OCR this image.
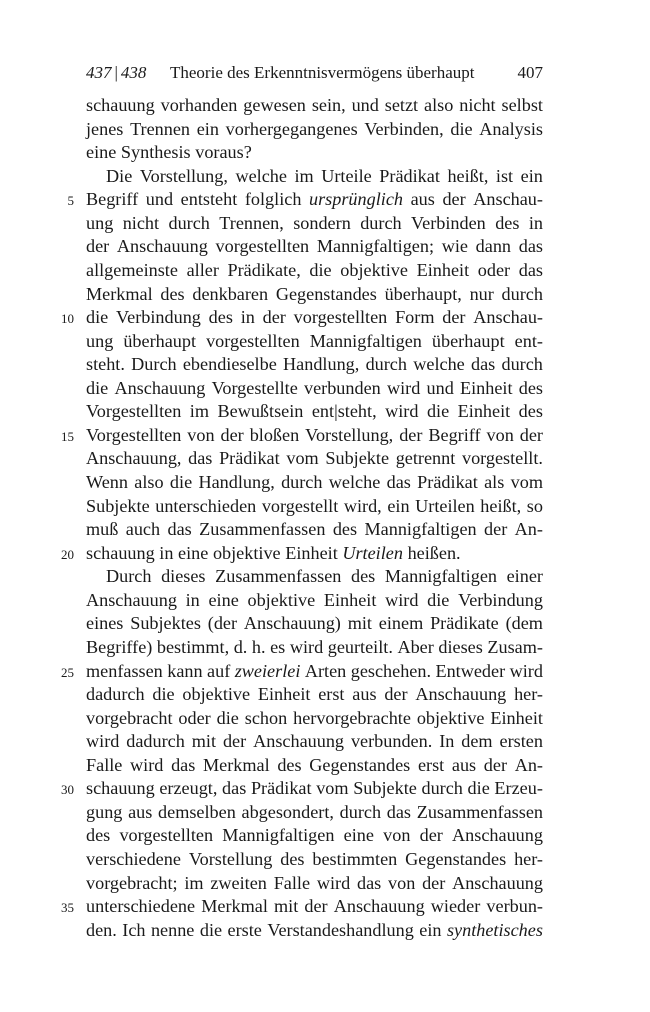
437 | 438 Theorie des Erkenntnisvermögens überhaupt	407
schauung vorhanden gewesen sein, und setzt also nicht selbst
jenes Trennen ein vorhergegangenes Verbinden, die Analysis
eine Synthesis voraus?
Die Vorstellung, welche im Urteile Prädikat heißt, ist ein
5 Begriff und entsteht folglich ursprünglich aus der Anschau-
ung nicht durch Trennen, sondern durch Verbinden des in
der Anschauung vorgestellten Mannigfaltigen; wie dann das
allgemeinste aller Prädikate, die objektive Einheit oder das
Merkmal des denkbaren Gegenstandes überhaupt, nur durch
10 die Verbindung des in der vorgestellten Form der Anschau-
ung überhaupt vorgestellten Mannigfaltigen überhaupt ent-
steht. Durch ebendieselbe Handlung, durch welche das durch
die Anschauung Vorgestellte verbunden wird und Einheit des
Vorgestellten im Bewußtsein ent|steht, wird die Einheit des
15 Vorgestellten von der bloßen Vorstellung, der Begriff von der
Anschauung, das Prädikat vom Subjekte getrennt vorgestellt.
Wenn also die Handlung, durch welche das Prädikat als vom
Subjekte unterschieden vorgestellt wird, ein Urteilen heißt, so
muß auch das Zusammenfassen des Mannigfaltigen der An-
20 schauung in eine objektive Einheit Urteilen heißen.
Durch dieses Zusammenfassen des Mannigfaltigen einer
Anschauung in eine objektive Einheit wird die Verbindung
eines Subjektes (der Anschauung) mit einem Prädikate (dem
Begriffe) bestimmt, d. h. es wird geurteilt. Aber dieses Zusam-
25 menfassen kann auf zweierlei Arten geschehen. Entweder wird
dadurch die objektive Einheit erst aus der Anschauung her-
vorgebracht oder die schon hervorgebrachte objektive Einheit
wird dadurch mit der Anschauung verbunden. In dem ersten
Falle wird das Merkmal des Gegenstandes erst aus der An-
30 schauung erzeugt, das Prädikat vom Subjekte durch die Erzeu-
gung aus demselben abgesondert, durch das Zusammenfassen
des vorgestellten Mannigfaltigen eine von der Anschauung
verschiedene Vorstellung des bestimmten Gegenstandes her-
vorgebracht; im zweiten Falle wird das von der Anschauung
35 unterschiedene Merkmal mit der Anschauung wieder verbun-
den. Ich nenne die erste Verstandeshandlung ein synthetisches
